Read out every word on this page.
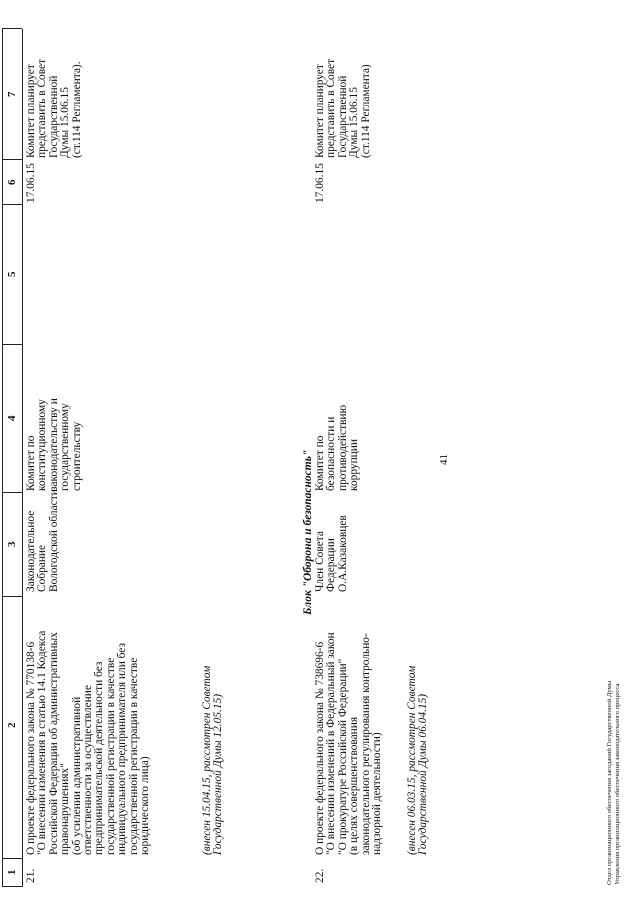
1
2
3
4
5
6
7
41
21.
О проекте федерального закона № 770138-6
"О внесении изменения в статью 14.1 Кодекса
Российской Федерации об административных
правонарушениях"
(об усилении административной
ответственности за осуществление
предпринимательской деятельности без
государственной регистрации в качестве
индивидуального предпринимателя или без
государственной регистрации в качестве
юридического лица)
(внесен 15.04.15, рассмотрен Советом
Государственной Думы 12.05.15)
Законодательное
Собрание
Вологодской области
Комитет по
конституционному
законодательству и
государственному
строительству
17.06.15
Комитет планирует
представить в Совет
Государственной
Думы 15.06.15
(ст.114 Регламента).
Блок "Оборона и безопасность"
22.
О проекте федерального закона № 738696-6
"О внесении изменений в Федеральный закон
"О прокуратуре Российской Федерации"
(в целях совершенствования
законодательного регулирования контрольно-
надзорной деятельности)
(внесен 06.03.15, рассмотрен Советом
Государственной Думы 06.04.15)
Член Совета
Федерации
О.А.Казаковцев
Комитет по
безопасности и
противодействию
коррупции
17.06.15
Комитет планирует
представить в Совет
Государственной
Думы 15.06.15
(ст.114 Регламента)
Отдел организационного обеспечения заседаний Государственной Думы Управления организационного обеспечения законодательного процесса
